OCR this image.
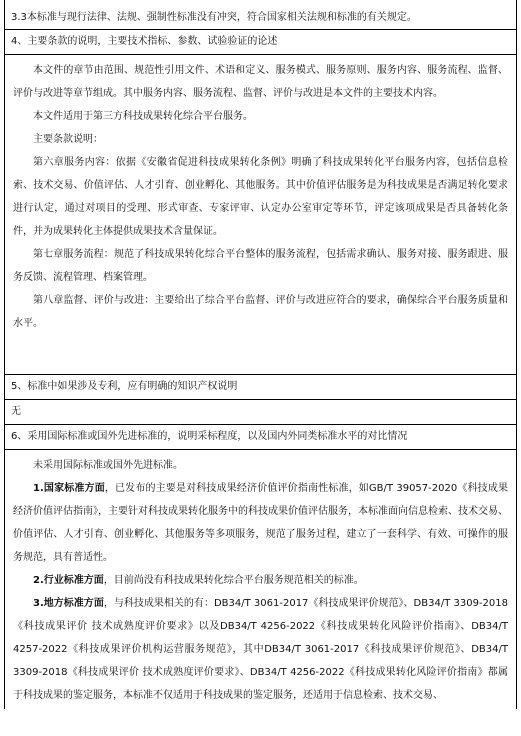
3.3本标准与现行法律、法规、强制性标准没有冲突，符合国家相关法规和标准的有关规定。
4、主要条款的说明，主要技术指标、参数、试验验证的论述

本文件的章节由范围、规范性引用文件、术语和定义、服务模式、服务原则、服务内容、服务流程、监督、评价与改进等章节组成。其中服务内容、服务流程、监督、评价与改进是本文件的主要技术内容。

本文件适用于第三方科技成果转化综合平台服务。

主要条款说明：

第六章服务内容：依据《安徽省促进科技成果转化条例》明确了科技成果转化平台服务内容，包括信息检索、技术交易、价值评估、人才引育、创业孵化、其他服务。其中价值评估服务是为科技成果是否满足转化要求进行认定，通过对项目的受理、形式审查、专家评审、认定办公室审定等环节，评定该项成果是否具备转化条件，并为成果转化主体提供成果技术含量保证。

第七章服务流程：规范了科技成果转化综合平台整体的服务流程，包括需求确认、服务对接、服务跟进、服务反馈、流程管理、档案管理。

第八章监督、评价与改进：主要给出了综合平台监督、评价与改进应符合的要求，确保综合平台服务质量和水平。

5、标准中如果涉及专利，应有明确的知识产权说明
无
6、采用国际标准或国外先进标准的，说明采标程度，以及国内外同类标准水平的对比情况

未采用国际标准或国外先进标准。

1.国家标准方面，已发布的主要是对科技成果经济价值评价指南性标准，如GB/T 39057-2020《科技成果经济价值评估指南》，主要针对科技成果转化服务中的科技成果价值评估服务，本标准面向信息检索、技术交易、价值评估、人才引育、创业孵化、其他服务等多项服务，规范了服务过程，建立了一套科学、有效、可操作的服务规范，具有普适性。

2.行业标准方面，目前尚没有科技成果转化综合平台服务规范相关的标准。

3.地方标准方面，与科技成果相关的有：DB34/T 3061-2017《科技成果评价规范》、DB34/T 3309-2018《科技成果评价 技术成熟度评价要求》以及DB34/T 4256-2022《科技成果转化风险评价指南》、DB34/T 4257-2022《科技成果评价机构运营服务规范》，其中DB34/T 3061-2017《科技成果评价规范》、DB34/T 3309-2018《科技成果评价 技术成熟度评价要求》、DB34/T 4256-2022《科技成果转化风险评价指南》都属于科技成果的鉴定服务，本标准不仅适用于科技成果的鉴定服务，还适用于信息检索、技术交易、
